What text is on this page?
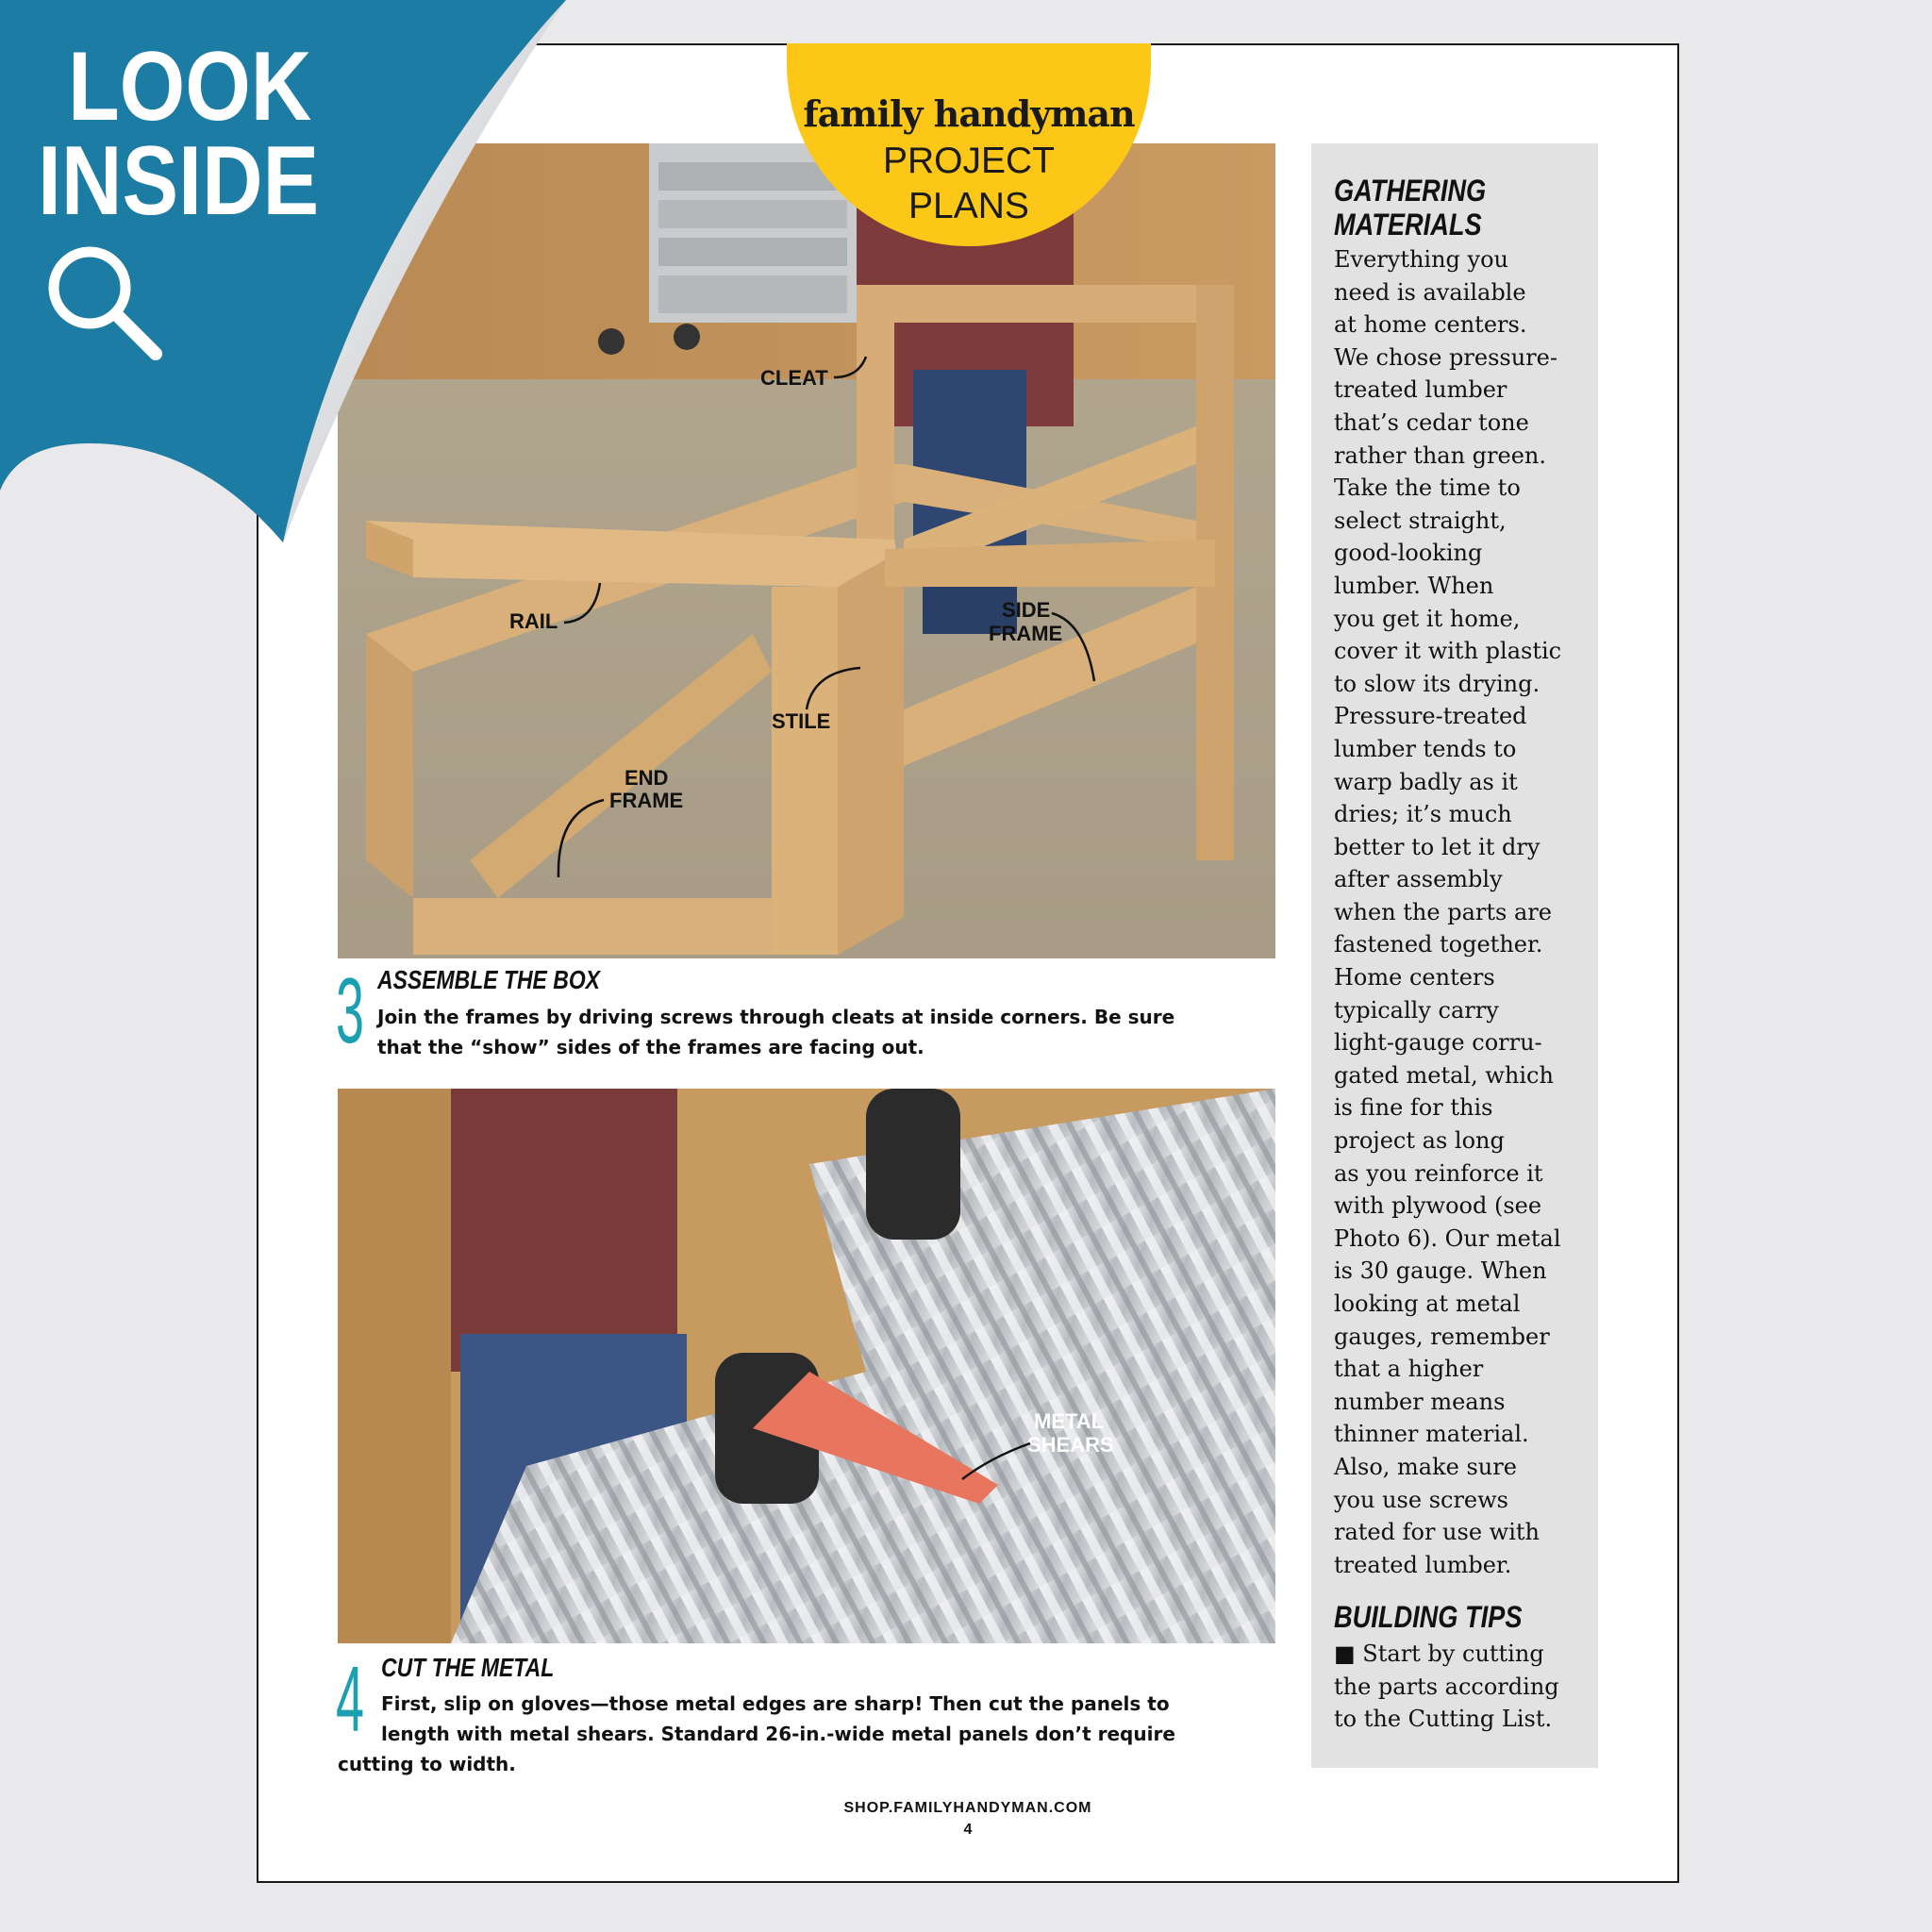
family handyman
PROJECT
PLANS
CLEAT
RAIL	SIDE
FRAME
STILE
END
FRAME
3 ASSEMBLE THE BOX
Join the frames by driving screws through cleats at inside corners. Be sure
that the “show” sides of the frames are facing out.
METAL
SHEARS
4 CUT THE METAL
First, slip on gloves—those metal edges are sharp! Then cut the panels to
length with metal shears. Standard 26-in.-wide metal panels don’t require
cutting to width.
GATHERING
MATERIALS
Everything you
need is available
at home centers.
We chose pressure-
treated lumber
that’s cedar tone
rather than green.
Take the time to
select straight,
good-looking
lumber. When
you get it home,
cover it with plastic
to slow its drying.
Pressure-treated
lumber tends to
warp badly as it
dries; it’s much
better to let it dry
after assembly
when the parts are
fastened together.
Home centers
typically carry
light-gauge corru-
gated metal, which
is fine for this
project as long
as you reinforce it
with plywood (see
Photo 6). Our metal
is 30 gauge. When
looking at metal
gauges, remember
that a higher
number means
thinner material.
Also, make sure
you use screws
rated for use with
treated lumber.
BUILDING TIPS
■ Start by cutting
the parts according
to the Cutting List.
SHOP.FAMILYHANDYMAN.COM
4
LOOK
INSIDE
